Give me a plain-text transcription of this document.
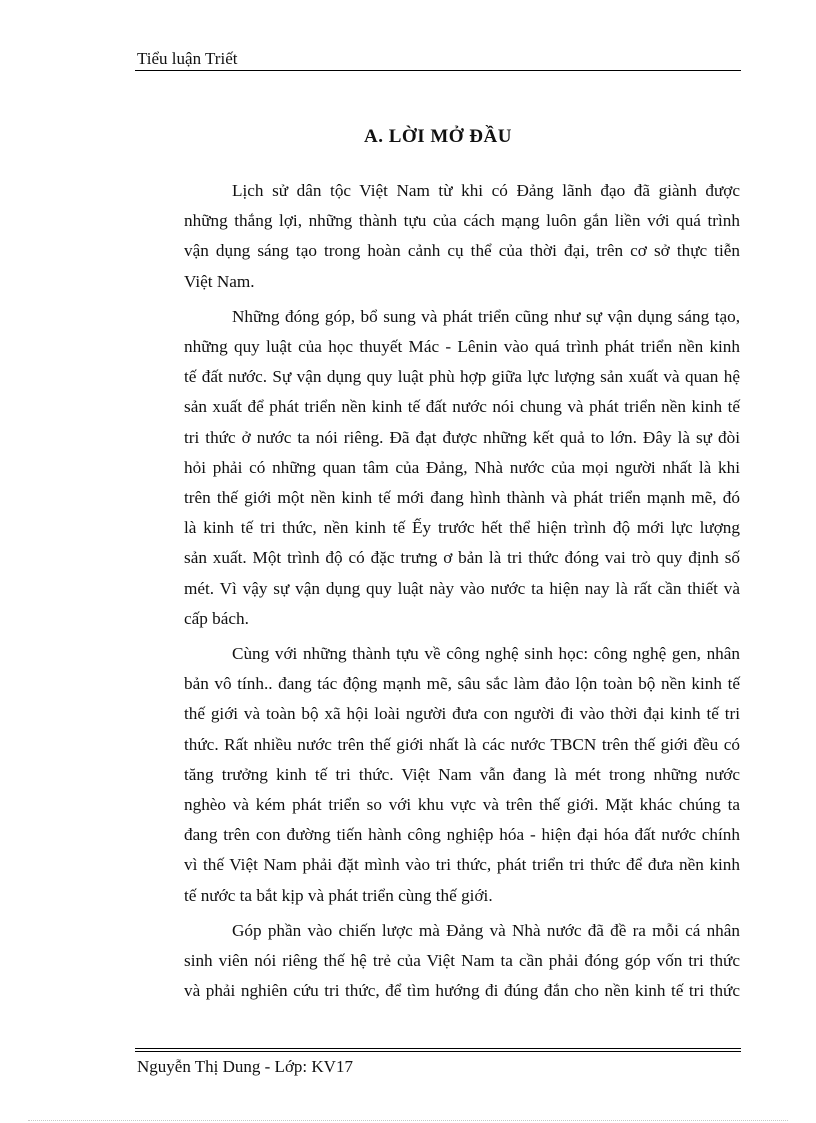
Tiểu luận Triết
A. LỜI MỞ ĐẦU

Lịch sử dân tộc Việt Nam từ khi có Đảng lãnh đạo đã giành được
những thắng lợi, những thành tựu của cách mạng luôn gắn liền với quá trình
vận dụng sáng tạo trong hoàn cảnh cụ thể của thời đại, trên cơ sở thực tiễn
Việt Nam.

Những đóng góp, bổ sung và phát triển cũng như sự vận dụng sáng tạo,
những quy luật của học thuyết Mác - Lênin vào quá trình phát triển nền kinh
tế đất nước. Sự vận dụng quy luật phù hợp giữa lực lượng sản xuất và quan hệ
sản xuất để phát triển nền kinh tế đất nước nói chung và phát triển nền kinh tế
tri thức ở nước ta nói riêng. Đã đạt được những kết quả to lớn. Đây là sự đòi
hỏi phải có những quan tâm của Đảng, Nhà nước của mọi người nhất là khi
trên thế giới một nền kinh tế mới đang hình thành và phát triển mạnh mẽ, đó
là kinh tế tri thức, nền kinh tế Ếy trước hết thể hiện trình độ mới lực lượng
sản xuất. Một trình độ có đặc trưng ơ bản là tri thức đóng vai trò quy định số
mét. Vì vậy sự vận dụng quy luật này vào nước ta hiện nay là rất cần thiết và
cấp bách.

Cùng với những thành tựu về công nghệ sinh học: công nghệ gen, nhân
bản vô tính.. đang tác động mạnh mẽ, sâu sắc làm đảo lộn toàn bộ nền kinh tế
thế giới và toàn bộ xã hội loài người đưa con người đi vào thời đại kinh tế tri
thức. Rất nhiều nước trên thế giới nhất là các nước TBCN trên thế giới đều có
tăng trưởng kinh tế tri thức. Việt Nam vẫn đang là mét trong những nước
nghèo và kém phát triển so với khu vực và trên thế giới. Mặt khác chúng ta
đang trên con đường tiến hành công nghiệp hóa - hiện đại hóa đất nước chính
vì thế Việt Nam phải đặt mình vào tri thức, phát triển tri thức để đưa nền kinh
tế nước ta bắt kịp và phát triển cùng thế giới.

Góp phần vào chiến lược mà Đảng và Nhà nước đã đề ra mỗi cá nhân
sinh viên nói riêng thế hệ trẻ của Việt Nam ta cần phải đóng góp vốn tri thức
và phải nghiên cứu tri thức, để tìm hướng đi đúng đắn cho nền kinh tế tri thức

Nguyễn Thị Dung - Lớp: KV17
